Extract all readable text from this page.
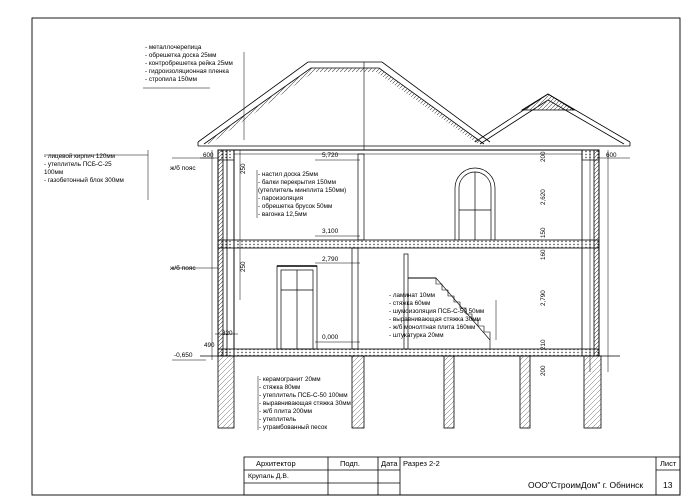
- металлочерепица
- обрешетка доска 25мм
- контробрешетка рейка 25мм
- гидроизоляционная пленка
- стропила 150мм
- лицевой кирпич 120мм
- утеплитель ПСБ-С-25
100мм
- газобетонный блок 300мм
- настил доска 25мм
- балки перекрытия 150мм
(утеплитель минплита 150мм)
- пароизоляция
- обрешетка брусок 50мм
- вагонка 12,5мм
- ламинат 10мм
- стяжка 60мм
- шумоизоляция ПСБ-С-50 50мм
- выравнивающая стяжка 30мм
- ж/б монолтная плита 160мм
- штукатурка 20мм
- керамогранит 20мм
- стяжка 80мм
- утеплитель ПСБ-С-50 100мм
- выравнивающая стяжка 30мм
- ж/б плита 200мм
- утеплитель
- утрамбованный песок
ж/б пояс
ж/б пояс
5,720
3,100
2,790
0,000
-0,650
600	600
490
320
250
250
200
2,620
150
160
2,790
210
200
Архитектор	Подп.	Дата Разрез 2-2	Лист
Крупаль Д.В.
ООО"СтроимДом" г. Обнинск 13
